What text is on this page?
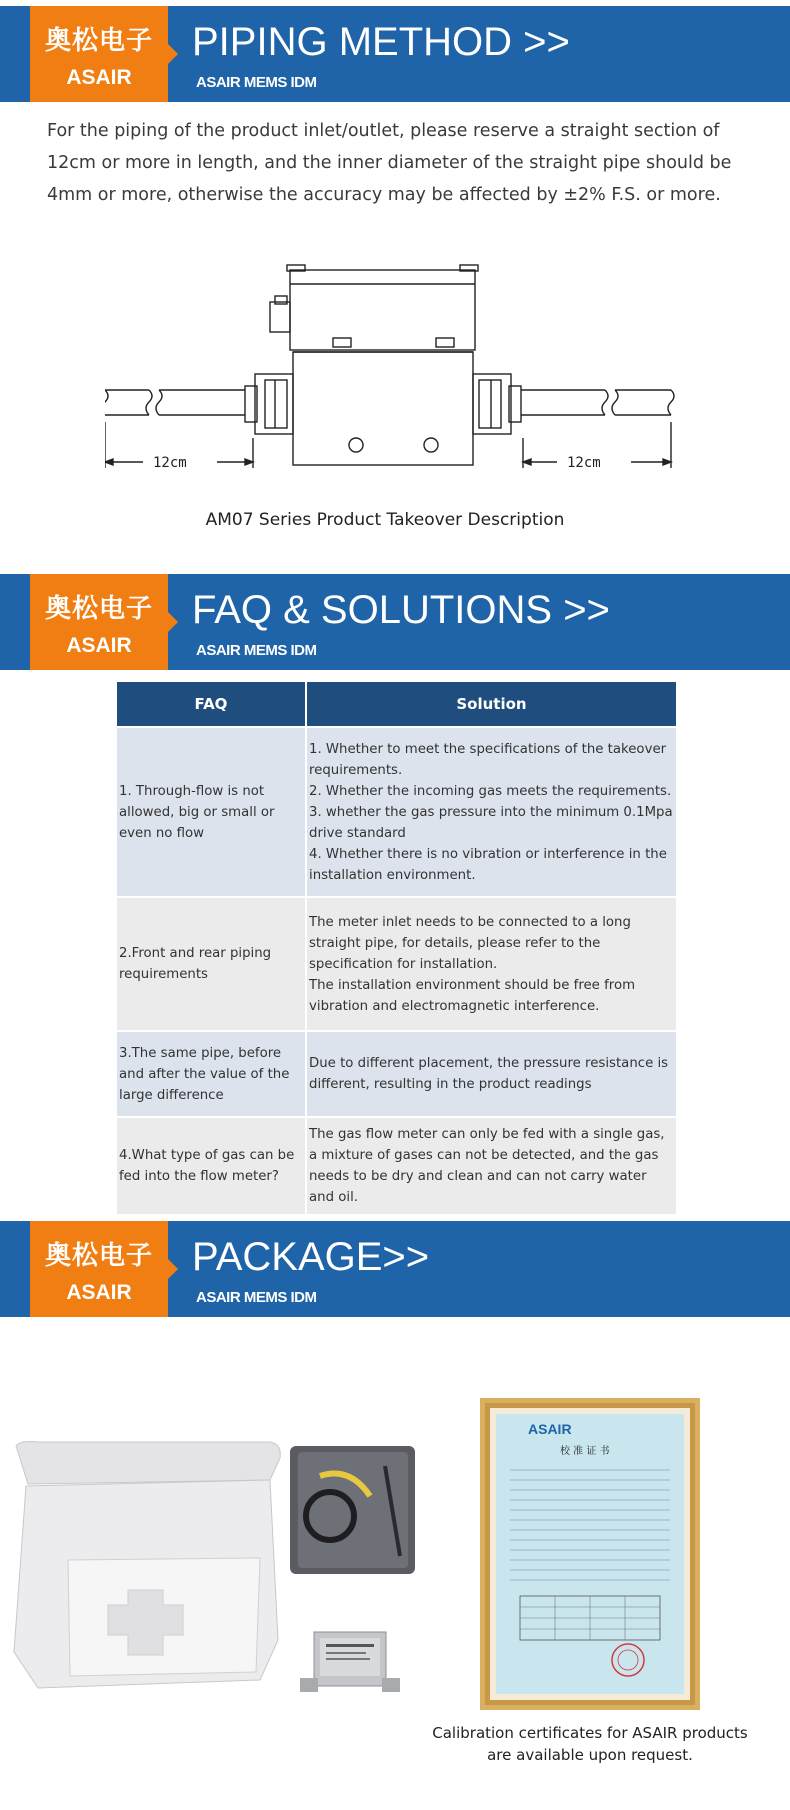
奥松电子
ASAIR
PIPING METHOD >>
ASAIR MEMS IDM
For the piping of the product inlet/outlet, please reserve a straight section of 12cm or more in length, and the inner diameter of the straight pipe should be 4mm or more, otherwise the accuracy may be affected by ±2% F.S. or more.
12cm	12cm
AM07 Series Product Takeover Description
奥松电子
ASAIR
FAQ & SOLUTIONS >>
ASAIR MEMS IDM
FAQ	Solution
1. Through-flow is not allowed, big or small or even no flow	1. Whether to meet the specifications of the takeover requirements.
2. Whether the incoming gas meets the requirements.
3. whether the gas pressure into the minimum 0.1Mpa drive standard
4. Whether there is no vibration or interference in the installation environment.

2.Front and rear piping requirements	The meter inlet needs to be connected to a long straight pipe, for details, please refer to the specification for installation.
The installation environment should be free from vibration and electromagnetic interference.

3.The same pipe, before and after the value of the large difference	Due to different placement, the pressure resistance is different, resulting in the product readings

4.What type of gas can be fed into the flow meter?	The gas flow meter can only be fed with a single gas, a mixture of gases can not be detected, and the gas needs to be dry and clean and can not carry water and oil.
奥松电子
ASAIR
PACKAGE>>
ASAIR MEMS IDM
ASAIR
校 准 证 书
Calibration certificates for ASAIR products
are available upon request.
